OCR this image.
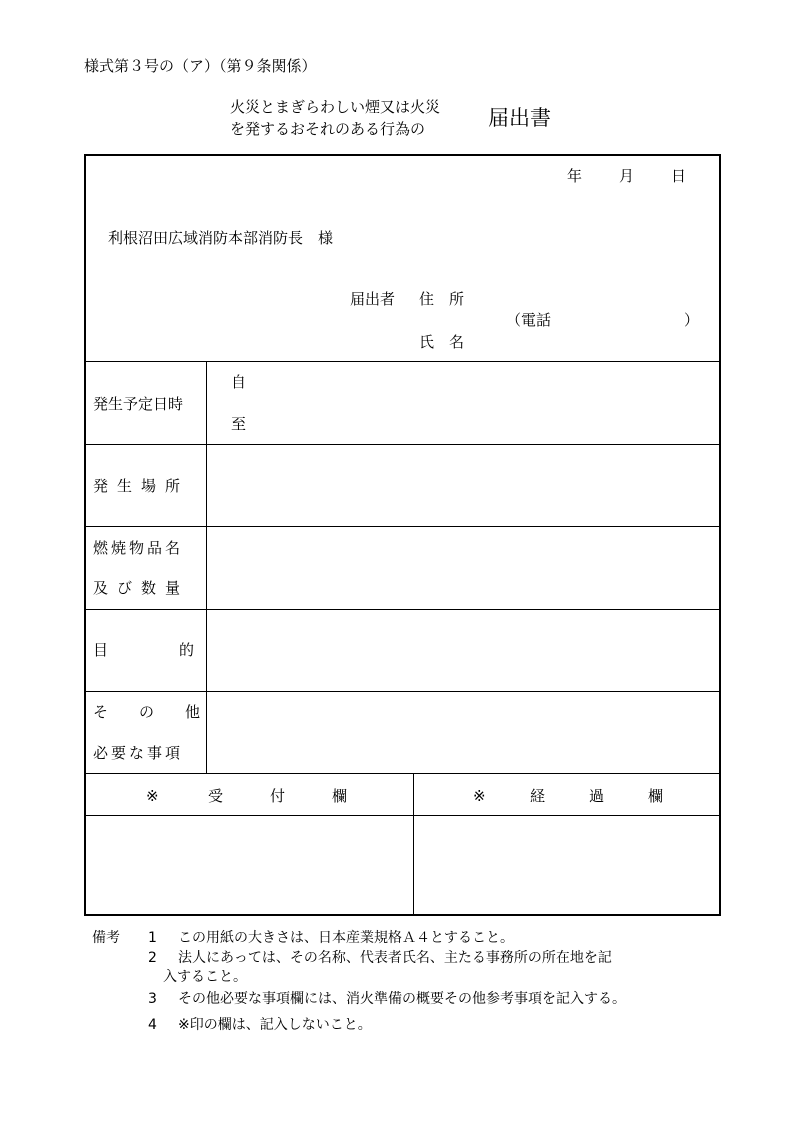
様式第３号の（ア）（第９条関係）
火災とまぎらわしい煙又は火災
を発するおそれのある行為の	届出書
年 月 日
利根沼田広域消防本部消防長　様
届出者 住　所
（電話	）
氏　名
発生予定日時
自
至
発生場所
燃焼物品名
及び数量
目的
その他
必要な事項
※	受付欄	※	経過欄
備考 1 この用紙の大きさは、日本産業規格Ａ４とすること。
2 法人にあっては、その名称、代表者氏名、主たる事務所の所在地を記
入すること。
3 その他必要な事項欄には、消火準備の概要その他参考事項を記入する。
4 ※印の欄は、記入しないこと。
